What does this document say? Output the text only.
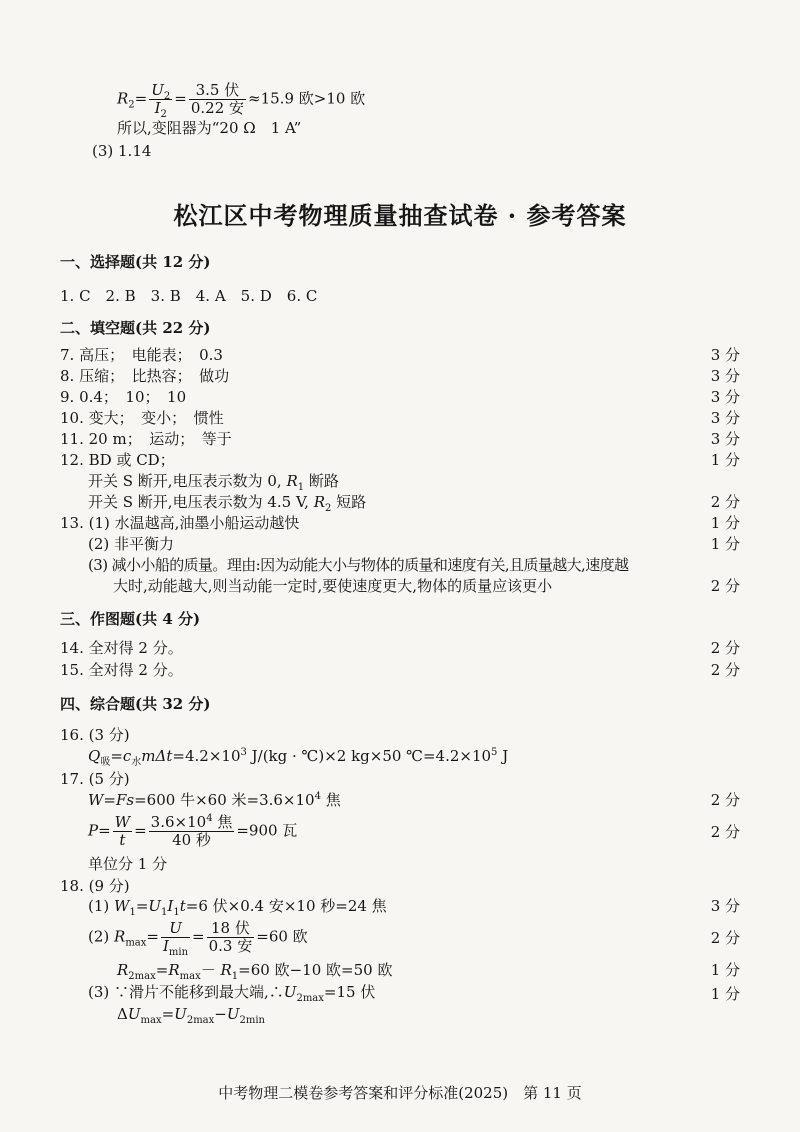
$R_2= \frac{U_2}{I_2} = \frac{\text{3.5 伏}}{\text{0.22 安}} \approx 15.9$ 欧>10 欧
所以,变阻器为“20 Ω　1 A”
(3) 1.14
松江区中考物理质量抽查试卷 · 参考答案
一、选择题(共 12 分)
1. C　2. B　3. B　4. A　5. D　6. C
二、填空题(共 22 分)
7. 高压；　电能表；　0.3	3 分
8. 压缩；　比热容；　做功	3 分
9. 0.4；　10；　10	3 分
10. 变大；　变小；　惯性	3 分
11. 20 m；　运动；　等于	3 分
12. BD 或 CD；	1 分
开关 S 断开,电压表示数为 0, $R_1$ 断路
开关 S 断开,电压表示数为 4.5 V, $R_2$ 短路	2 分
13. (1) 水温越高,油墨小船运动越快	1 分
(2) 非平衡力	1 分
(3) 减小小船的质量。理由:因为动能大小与物体的质量和速度有关,且质量越大,速度越
大时,动能越大,则当动能一定时,要使速度更大,物体的质量应该更小	2 分
三、作图题(共 4 分)
14. 全对得 2 分。	2 分
15. 全对得 2 分。	2 分
四、综合题(共 32 分)
16. (3 分)
$Q_吸=c_水m\Delta t=4.2\times 10^3$ J/(kg · ℃)×2 kg×50 $℃=4.2\times 10^5$ J
17. (5 分)
W=Fs=600 牛×60 米$=3.6\times 10^4$ 焦	2 分
$P= \frac{W}{t} = \frac{3.6\times 10^4 焦}{\text{40 秒}} =900$ 瓦	2 分
单位分 1 分
18. (9 分)
(1) $W_1=U_1I_1t=6$ 伏×0.4 安×10 秒=24 焦	3 分
(2) $R_{max}= \frac{U}{I_{min}} = \frac{\text{18 伏}}{\text{0.3 安}} =60$ 欧	2 分
$R_{2max}=R_{max}- R_1=60$ 欧−10 欧=50 欧	1 分
(3) ∵滑片不能移到最大端$,\therefore U_{2max}=15$ 伏	1 分
$\Delta U_{max}=U_{2max}-U_{2min}$
中考物理二模卷参考答案和评分标准(2025)　第 11 页
